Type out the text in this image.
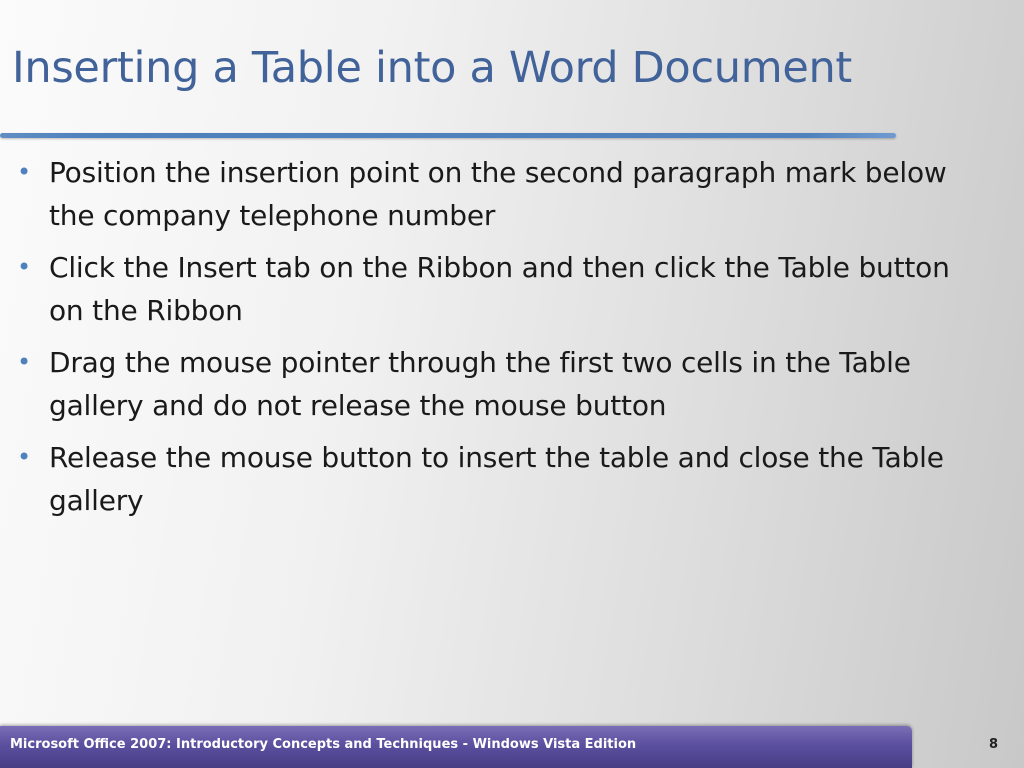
Inserting a Table into a Word Document
• Position the insertion point on the second paragraph mark below the company telephone number
• Click the Insert tab on the Ribbon and then click the Table button on the Ribbon
• Drag the mouse pointer through the first two cells in the Table gallery and do not release the mouse button
• Release the mouse button to insert the table and close the Table gallery
Microsoft Office 2007: Introductory Concepts and Techniques - Windows Vista Edition	8
